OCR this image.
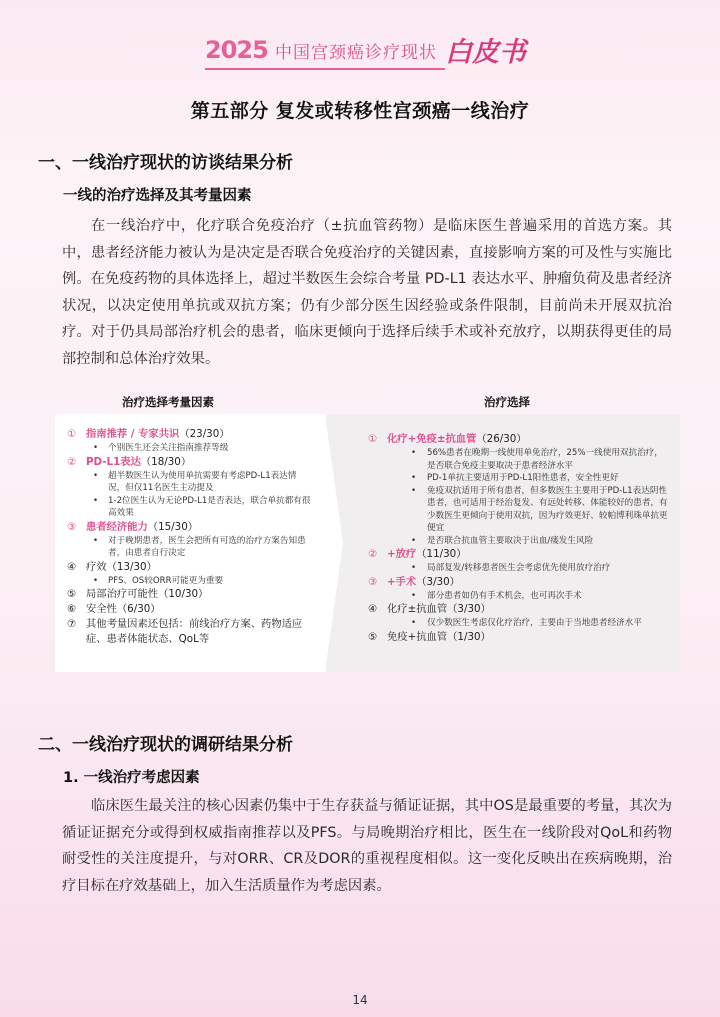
2025 中国宫颈癌诊疗现状 白皮书
第五部分 复发或转移性宫颈癌一线治疗
一、一线治疗现状的访谈结果分析
一线的治疗选择及其考量因素

在一线治疗中，化疗联合免疫治疗（±抗血管药物）是临床医生普遍采用的首选方案。其中，患者经济能力被认为是决定是否联合免疫治疗的关键因素，直接影响方案的可及性与实施比例。在免疫药物的具体选择上，超过半数医生会综合考量 PD-L1 表达水平、肿瘤负荷及患者经济状况，以决定使用单抗或双抗方案；仍有少部分医生因经验或条件限制，目前尚未开展双抗治疗。对于仍具局部治疗机会的患者，临床更倾向于选择后续手术或补充放疗，以期获得更佳的局部控制和总体治疗效果。

治疗选择考量因素	治疗选择
① 指南推荐 / 专家共识（23/30）
• 个别医生还会关注指南推荐等级
② PD-L1表达（18/30）
• 超半数医生认为使用单抗需要有考虑PD-L1表达情况，但仅11名医生主动提及
• 1-2位医生认为无论PD-L1是否表达，联合单抗都有很高效果
③ 患者经济能力（15/30）
• 对于晚期患者，医生会把所有可选的治疗方案告知患者，由患者自行决定
④ 疗效（13/30）
• PFS、OS较ORR可能更为重要
⑤ 局部治疗可能性（10/30）
⑥ 安全性（6/30）
⑦ 其他考量因素还包括：前线治疗方案、药物适应症、患者体能状态、QoL等
① 化疗+免疫±抗血管（26/30）
• 56%患者在晚期一线使用单免治疗，25%一线使用双抗治疗，是否联合免疫主要取决于患者经济水平
• PD-1单抗主要适用于PD-L1阳性患者，安全性更好
• 免疫双抗适用于所有患者，但多数医生主要用于PD-L1表达阴性患者，也可适用于经治复发、有远处转移、体能较好的患者，有少数医生更倾向于使用双抗，因为疗效更好、较帕博利珠单抗更便宜
• 是否联合抗血管主要取决于出血/瘘发生风险
② +放疗（11/30）
• 局部复发/转移患者医生会考虑优先使用放疗治疗
③ +手术（3/30）
• 部分患者如仍有手术机会，也可再次手术
④ 化疗±抗血管（3/30）
• 仅少数医生考虑仅化疗治疗，主要由于当地患者经济水平
⑤ 免疫+抗血管（1/30）
二、一线治疗现状的调研结果分析
1. 一线治疗考虑因素

临床医生最关注的核心因素仍集中于生存获益与循证证据，其中OS是最重要的考量，其次为循证证据充分或得到权威指南推荐以及PFS。与局晚期治疗相比，医生在一线阶段对QoL和药物耐受性的关注度提升，与对ORR、CR及DOR的重视程度相似。这一变化反映出在疾病晚期，治疗目标在疗效基础上，加入生活质量作为考虑因素。

14
